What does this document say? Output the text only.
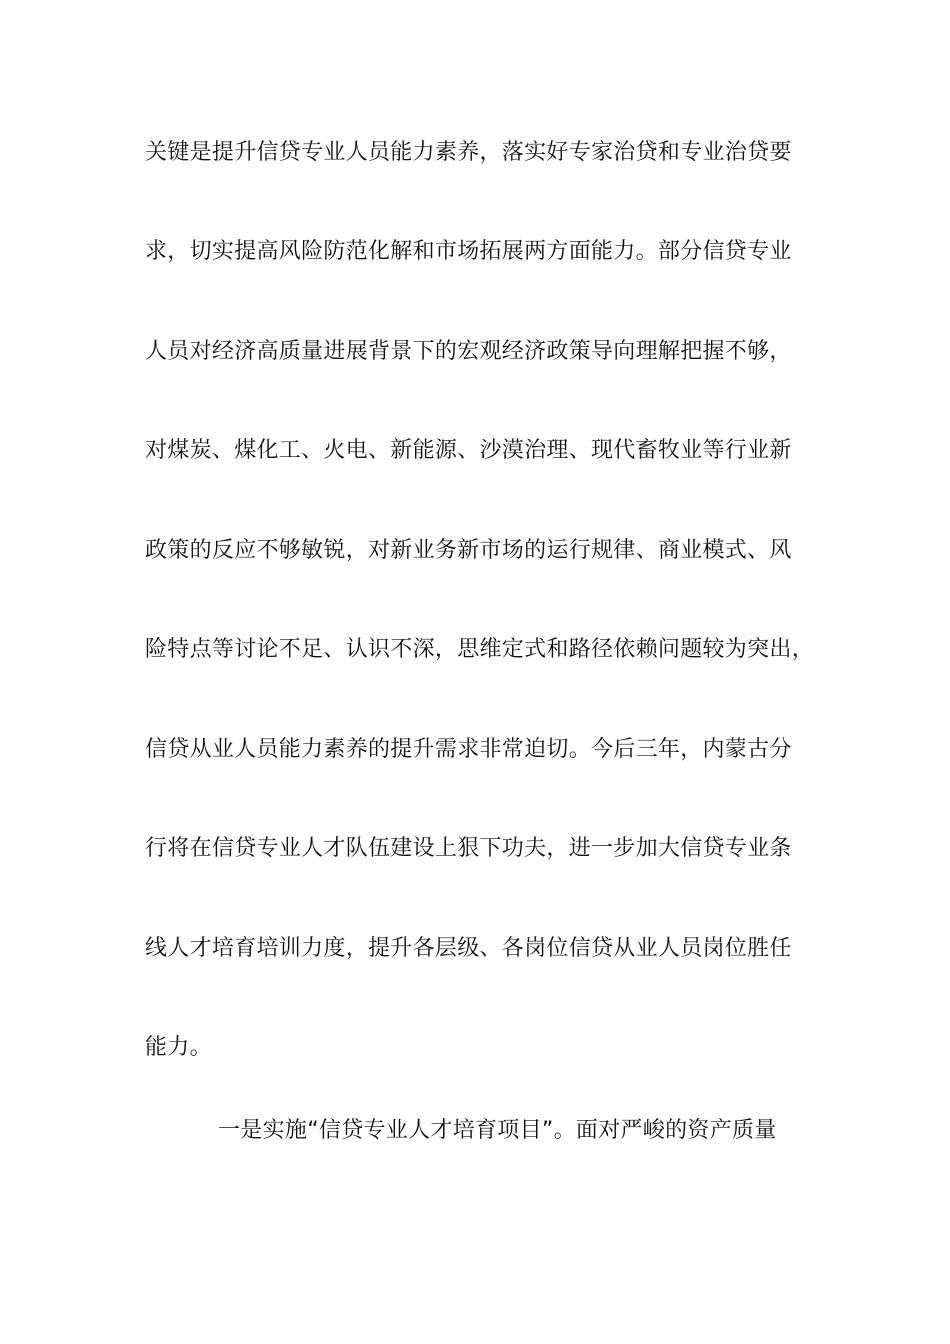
关键是提升信贷专业人员能力素养，落实好专家治贷和专业治贷要
求，切实提高风险防范化解和市场拓展两方面能力。部分信贷专业
人员对经济高质量进展背景下的宏观经济政策导向理解把握不够，
对煤炭、煤化工、火电、新能源、沙漠治理、现代畜牧业等行业新
政策的反应不够敏锐，对新业务新市场的运行规律、商业模式、风
险特点等讨论不足、认识不深，思维定式和路径依赖问题较为突出，
信贷从业人员能力素养的提升需求非常迫切。今后三年，内蒙古分
行将在信贷专业人才队伍建设上狠下功夫，进一步加大信贷专业条
线人才培育培训力度，提升各层级、各岗位信贷从业人员岗位胜任
能力。
一是实施“信贷专业人才培育项目”。面对严峻的资产质量
